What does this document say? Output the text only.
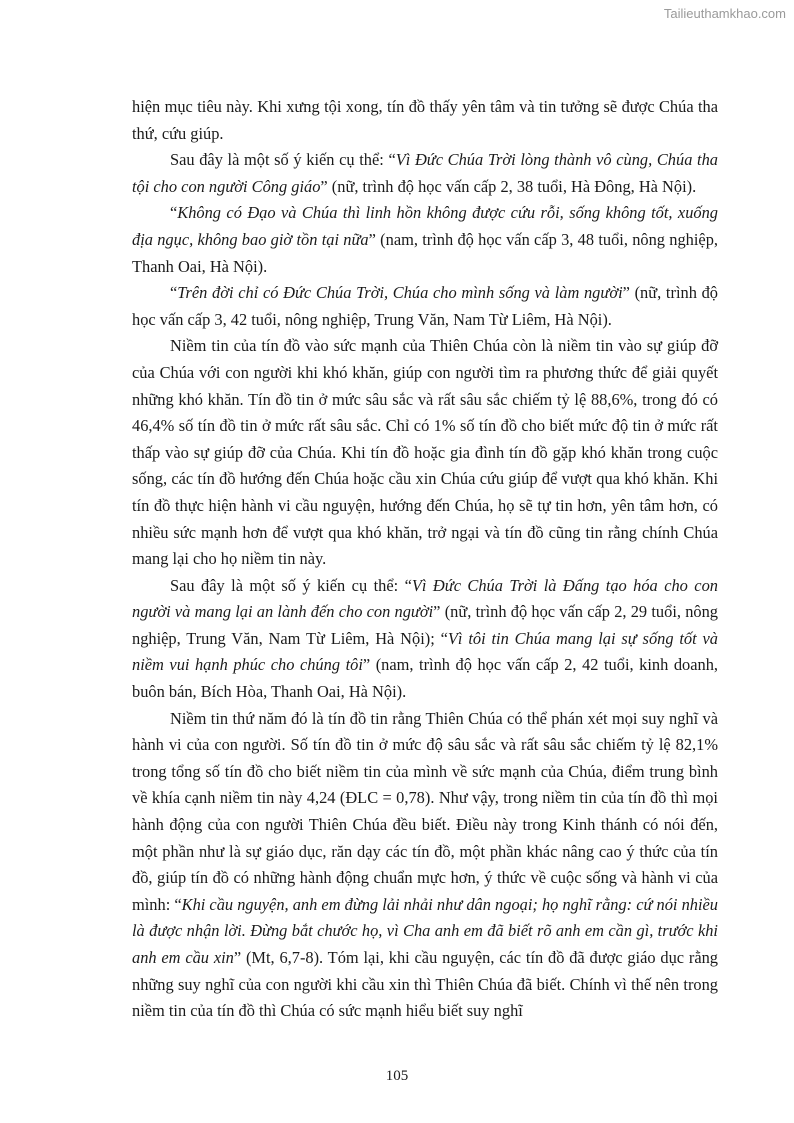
Tailieuthamkhao.com

hiện mục tiêu này. Khi xưng tội xong, tín đồ thấy yên tâm và tin tưởng sẽ được Chúa tha thứ, cứu giúp.

Sau đây là một số ý kiến cụ thể: “Vì Đức Chúa Trời lòng thành vô cùng, Chúa tha tội cho con người Công giáo” (nữ, trình độ học vấn cấp 2, 38 tuổi, Hà Đông, Hà Nội).

“Không có Đạo và Chúa thì linh hồn không được cứu rỗi, sống không tốt, xuống địa ngục, không bao giờ tồn tại nữa” (nam, trình độ học vấn cấp 3, 48 tuổi, nông nghiệp, Thanh Oai, Hà Nội).

“Trên đời chỉ có Đức Chúa Trời, Chúa cho mình sống và làm người” (nữ, trình độ học vấn cấp 3, 42 tuổi, nông nghiệp, Trung Văn, Nam Từ Liêm, Hà Nội).

Niềm tin của tín đồ vào sức mạnh của Thiên Chúa còn là niềm tin vào sự giúp đỡ của Chúa với con người khi khó khăn, giúp con người tìm ra phương thức để giải quyết những khó khăn. Tín đồ tin ở mức sâu sắc và rất sâu sắc chiếm tỷ lệ 88,6%, trong đó có 46,4% số tín đồ tin ở mức rất sâu sắc. Chỉ có 1% số tín đồ cho biết mức độ tin ở mức rất thấp vào sự giúp đỡ của Chúa. Khi tín đồ hoặc gia đình tín đồ gặp khó khăn trong cuộc sống, các tín đồ hướng đến Chúa hoặc cầu xin Chúa cứu giúp để vượt qua khó khăn. Khi tín đồ thực hiện hành vi cầu nguyện, hướng đến Chúa, họ sẽ tự tin hơn, yên tâm hơn, có nhiều sức mạnh hơn để vượt qua khó khăn, trở ngại và tín đồ cũng tin rằng chính Chúa mang lại cho họ niềm tin này.

Sau đây là một số ý kiến cụ thể: “Vì Đức Chúa Trời là Đấng tạo hóa cho con người và mang lại an lành đến cho con người” (nữ, trình độ học vấn cấp 2, 29 tuổi, nông nghiệp, Trung Văn, Nam Từ Liêm, Hà Nội); “Vì tôi tin Chúa mang lại sự sống tốt và niềm vui hạnh phúc cho chúng tôi” (nam, trình độ học vấn cấp 2, 42 tuổi, kinh doanh, buôn bán, Bích Hòa, Thanh Oai, Hà Nội).

Niềm tin thứ năm đó là tín đồ tin rằng Thiên Chúa có thể phán xét mọi suy nghĩ và hành vi của con người. Số tín đồ tin ở mức độ sâu sắc và rất sâu sắc chiếm tỷ lệ 82,1% trong tổng số tín đồ cho biết niềm tin của mình về sức mạnh của Chúa, điểm trung bình về khía cạnh niềm tin này 4,24 (ĐLC = 0,78). Như vậy, trong niềm tin của tín đồ thì mọi hành động của con người Thiên Chúa đều biết. Điều này trong Kinh thánh có nói đến, một phần như là sự giáo dục, răn dạy các tín đồ, một phần khác nâng cao ý thức của tín đồ, giúp tín đồ có những hành động chuẩn mực hơn, ý thức về cuộc sống và hành vi của mình: “Khi cầu nguyện, anh em đừng lải nhải như dân ngoại; họ nghĩ rằng: cứ nói nhiều là được nhận lời. Đừng bắt chước họ, vì Cha anh em đã biết rõ anh em cần gì, trước khi anh em cầu xin” (Mt, 6,7-8). Tóm lại, khi cầu nguyện, các tín đồ đã được giáo dục rằng những suy nghĩ của con người khi cầu xin thì Thiên Chúa đã biết. Chính vì thế nên trong niềm tin của tín đồ thì Chúa có sức mạnh hiểu biết suy nghĩ

105
